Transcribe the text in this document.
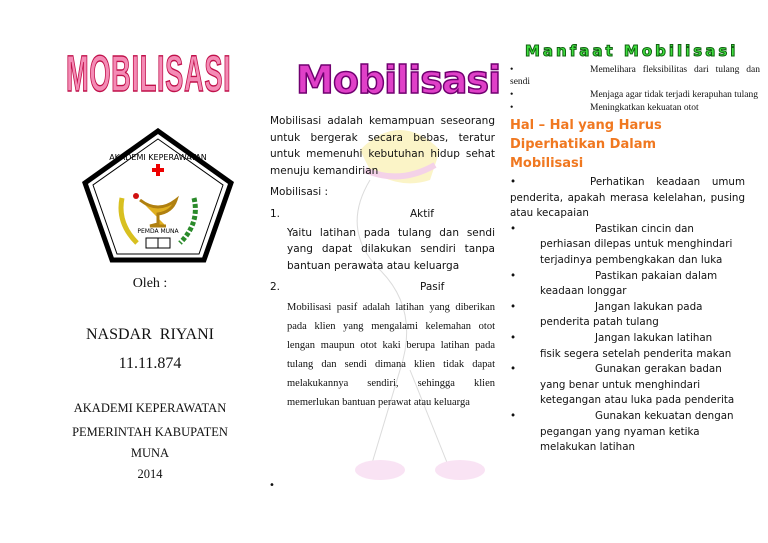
MOBILISASI
PEMDA MUNA
AKADEMI KEPERAWATAN
Oleh :
NASDAR  RIYANI
11.11.874
AKADEMI KEPERAWATAN
PEMERINTAH KABUPATEN
MUNA
2014
Mobilisasi
Mobilisasi adalah kemampuan seseorang untuk bergerak secara bebas, teratur untuk memenuhi kebutuhan hidup sehat menuju kemandirian
Mobilisasi :
1.	Aktif
Yaitu latihan pada tulang dan sendi yang dapat dilakukan sendiri tanpa bantuan perawata atau keluarga
2.	Pasif
Mobilisasi pasif adalah latihan yang diberikan pada klien yang mengalami kelemahan otot lengan maupun otot kaki berupa latihan pada tulang dan sendi dimana klien tidak dapat melakukannya sendiri, sehingga klien memerlukan bantuan perawat atau keluarga
•
Manfaat Mobilisasi
•	Memelihara fleksibilitas dari tulang dan sendi
•	Menjaga agar tidak terjadi kerapuhan tulang
•	Meningkatkan kekuatan otot
Hal – Hal yang Harus Diperhatikan Dalam Mobilisasi
•	Perhatikan keadaan umum penderita, apakah merasa kelelahan, pusing atau kecapaian
•	Pastikan cincin dan perhiasan dilepas untuk menghindari terjadinya pembengkakan dan luka
•	Pastikan pakaian dalam keadaan longgar
•	Jangan lakukan pada penderita patah tulang
•	Jangan lakukan latihan fisik segera setelah penderita makan
•	Gunakan gerakan badan yang benar untuk menghindari ketegangan atau luka pada penderita
•	Gunakan kekuatan dengan pegangan yang nyaman ketika melakukan latihan
